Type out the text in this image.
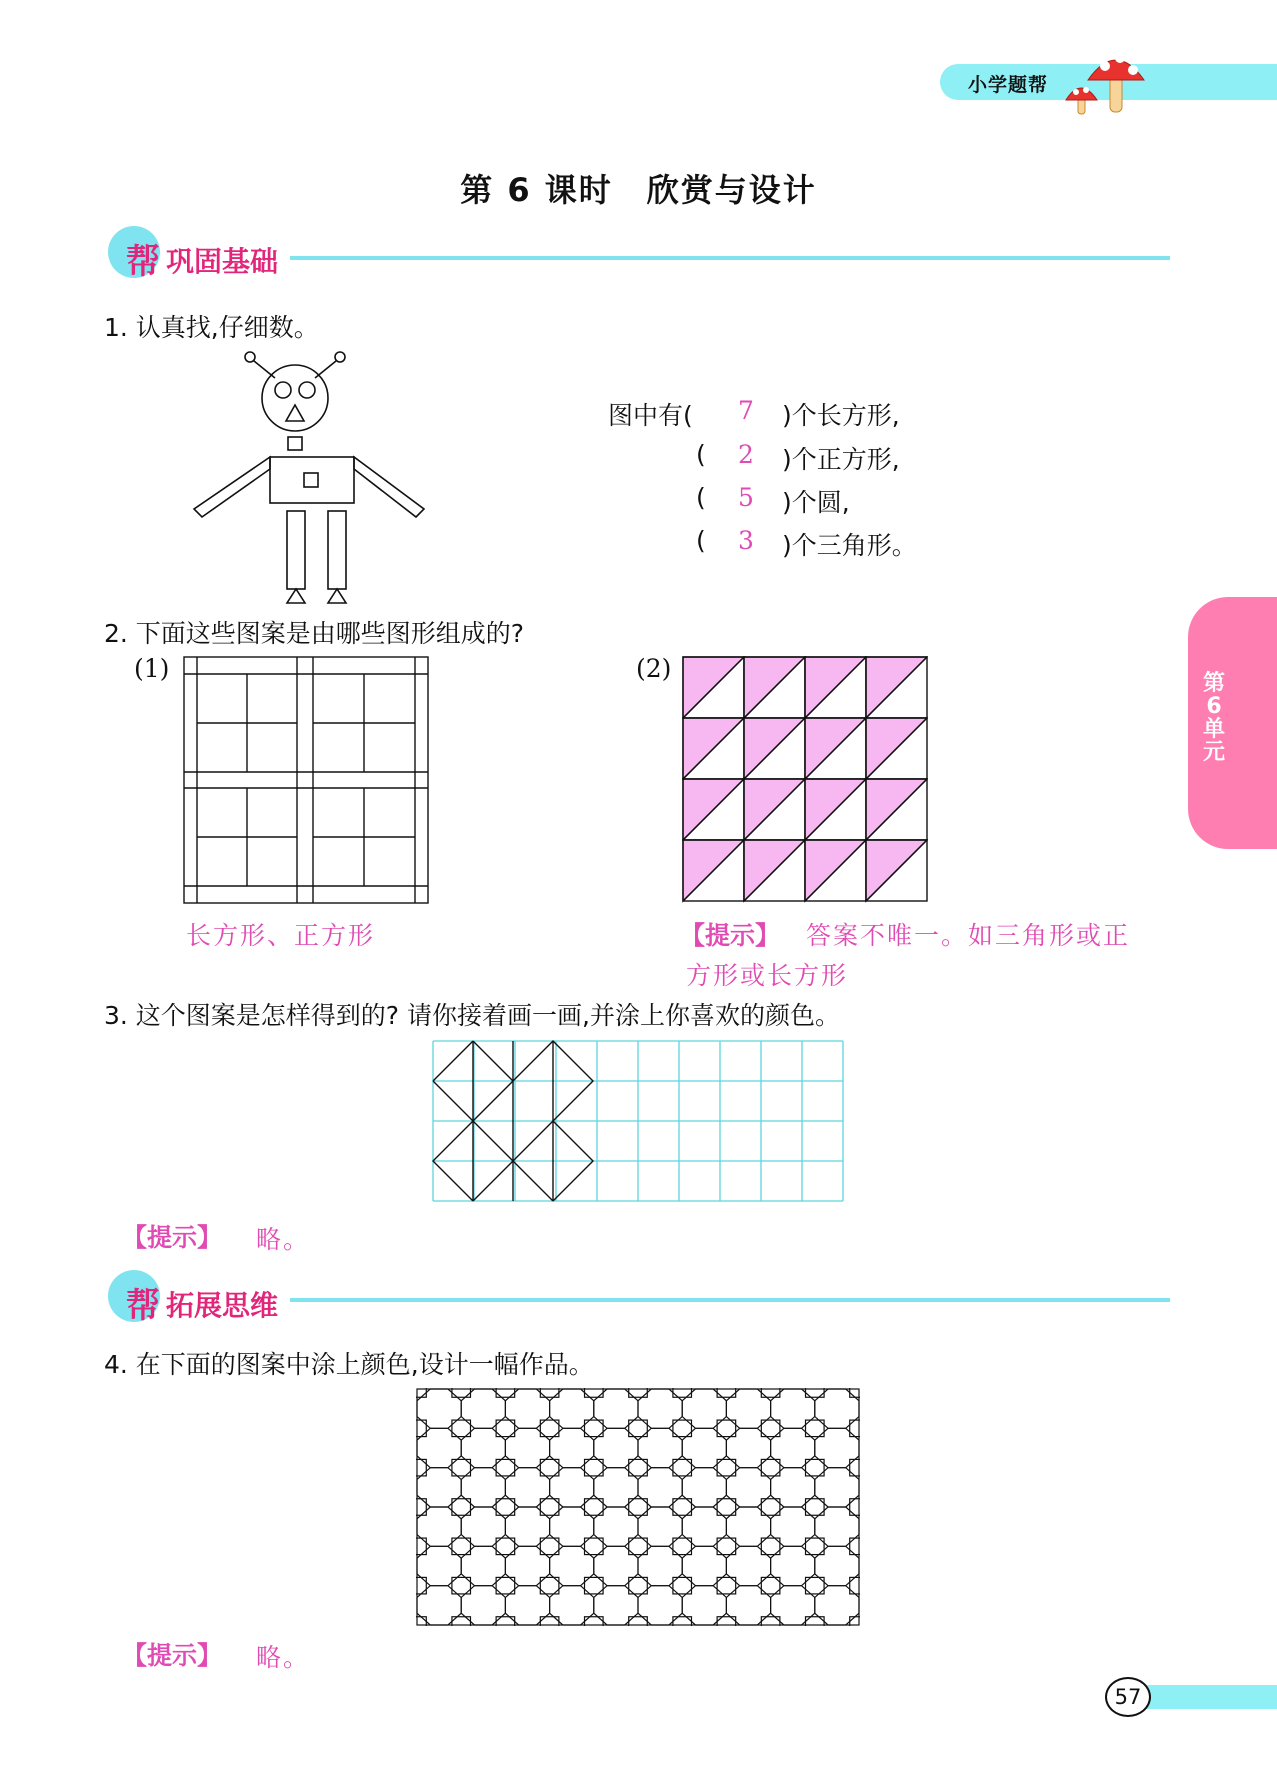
小学题帮
第 6 课时　欣赏与设计
帮 巩固基础
1. 认真找,仔细数。
图中有( 7 )个长方形,
( 2 )个正方形,
( 5 )个圆,
( 3 )个三角形。
2. 下面这些图案是由哪些图形组成的?
(1)
长方形、正方形
(2)
【提示】 答案不唯一。如三角形或正
方形或长方形
3. 这个图案是怎样得到的? 请你接着画一画,并涂上你喜欢的颜色。
【提示】 略。
帮 拓展思维
4. 在下面的图案中涂上颜色,设计一幅作品。
【提示】 略。
第6单元
57
